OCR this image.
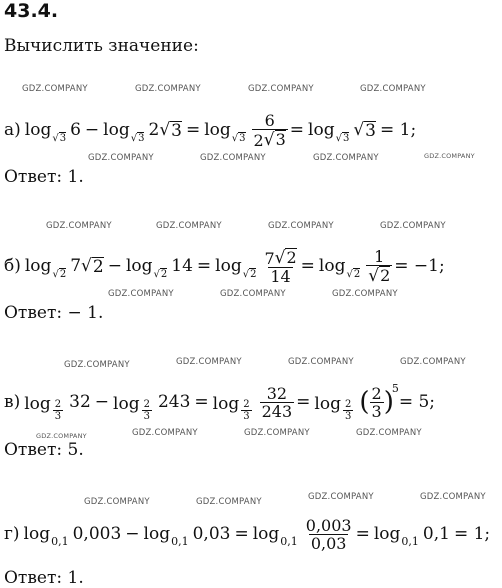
43.4.
Вычислить значение:
GDZ.COMPANY	GDZ.COMPANY	GDZ.COMPANY	GDZ.COMPANY
GDZ.COMPANY	GDZ.COMPANY	GDZ.COMPANY	GDZ.COMPANY
GDZ.COMPANY	GDZ.COMPANY	GDZ.COMPANY	GDZ.COMPANY
GDZ.COMPANY	GDZ.COMPANY	GDZ.COMPANY
GDZ.COMPANY	GDZ.COMPANY	GDZ.COMPANY	GDZ.COMPANY
GDZ.COMPANY	GDZ.COMPANY	GDZ.COMPANY	GDZ.COMPANY
GDZ.COMPANY	GDZ.COMPANY	GDZ.COMPANY	GDZ.COMPANY
а) log $_{√ 3}$ 6 − log $_{√ 3}$ 2 √ $3 = \log _{√ 3} \frac{6}{2 √ 3} = \log _{√ 3}$ √ 3 = 1;
Ответ: 1.
б) log $_{√ 2}$ 7 √ 2 − log $_{√ 2}$ $14 = \log _{√ 2} \frac{7 √ 2}{14} = \log _{√ 2} \frac{1}{√ 2} = -1$;
Ответ: − 1.
в) $\log \frac{2}{3} 32 - \log \frac{2}{3} 243 = \log \frac{2}{3} \frac{32}{243} = \log \frac{2}{3}$ ( $\frac{2}{3}$ )
5
= 5;
Ответ: 5.
г) $\log_{0,1} 0,003 - \log_{0,1} 0,03 = \log_{0,1} \frac{0,003}{0,03} = \log_{0,1} 0,1 = 1$;
Ответ: 1.
